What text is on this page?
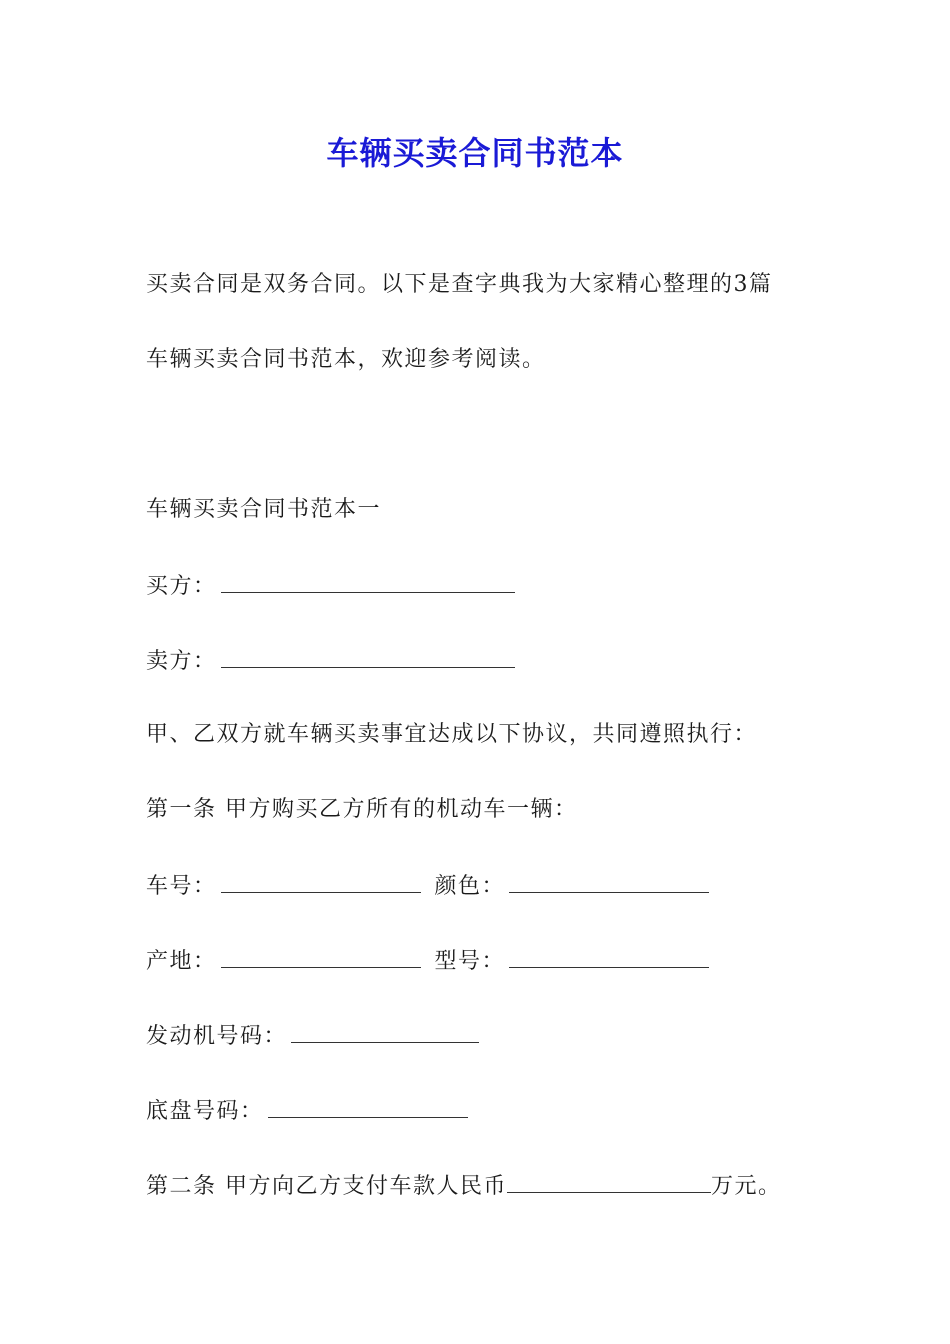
车辆买卖合同书范本
买卖合同是双务合同。以下是查字典我为大家精心整理的3篇
车辆买卖合同书范本，欢迎参考阅读。
车辆买卖合同书范本一
买方：
卖方：
甲、乙双方就车辆买卖事宜达成以下协议，共同遵照执行：
第一条 甲方购买乙方所有的机动车一辆：
车号：	颜色：
产地：	型号：
发动机号码：
底盘号码：
第二条 甲方向乙方支付车款人民币	万元。
